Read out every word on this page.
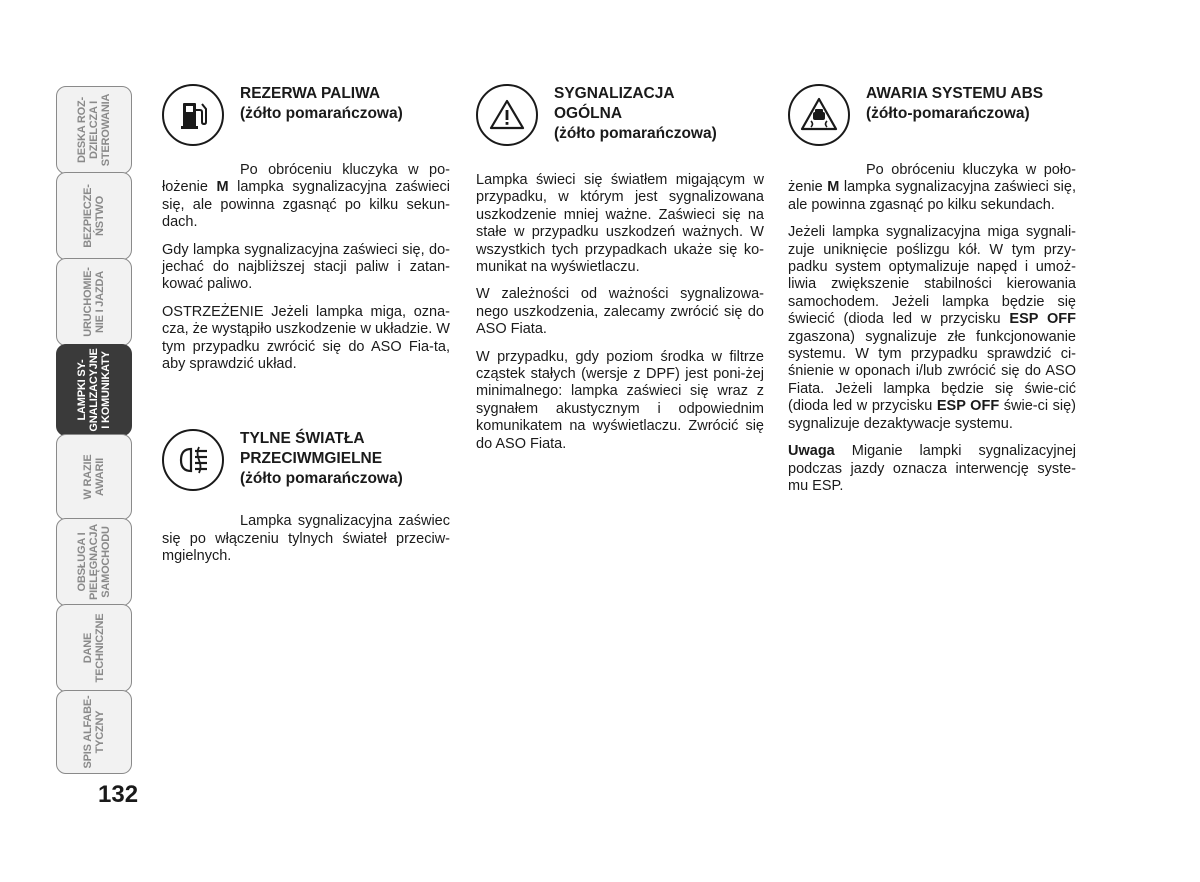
DESKA ROZ-
DZIELCZA I
STEROWANIA
BEZPIECZE-
ŃSTWO
URUCHOMIE-
NIE I JAZDA
LAMPKI SY-
GNALIZACYJNE
I KOMUNIKATY
W RAZIE
AWARII
OBSŁUGA I
PIELĘGNACJA
SAMOCHODU
DANE
TECHNICZNE
SPIS ALFABE-
TYCZNY
132
REZERWA PALIWA
(żółto pomarańczowa)

Po obróceniu kluczyka w po-łożenie M lampka sygnalizacyjna zaświeci się, ale powinna zgasnąć po kilku sekun-dach.

Gdy lampka sygnalizacyjna zaświeci się, do-jechać do najbliższej stacji paliw i zatan-kować paliwo.

OSTRZEŻENIE Jeżeli lampka miga, ozna-cza, że wystąpiło uszkodzenie w układzie. W tym przypadku zwrócić się do ASO Fia-ta, aby sprawdzić układ.

TYLNE ŚWIATŁA
PRZECIWMGIELNE
(żółto pomarańczowa)

Lampka sygnalizacyjna zaświec się po włączeniu tylnych świateł przeciw-mgielnych.

SYGNALIZACJA
OGÓLNA
(żółto pomarańczowa)

Lampka świeci się światłem migającym w przypadku, w którym jest sygnalizowana uszkodzenie mniej ważne. Zaświeci się na stałe w przypadku uszkodzeń ważnych. W wszystkich tych przypadkach ukaże się ko-munikat na wyświetlaczu.

W zależności od ważności sygnalizowa-nego uszkodzenia, zalecamy zwrócić się do ASO Fiata.

W przypadku, gdy poziom środka w filtrze cząstek stałych (wersje z DPF) jest poni-żej minimalnego: lampka zaświeci się wraz z sygnałem akustycznym i odpowiednim komunikatem na wyświetlaczu. Zwrócić się do ASO Fiata.

AWARIA SYSTEMU ABS
(żółto-pomarańczowa)

Po obróceniu kluczyka w poło-żenie M lampka sygnalizacyjna zaświeci się, ale powinna zgasnąć po kilku sekundach.

Jeżeli lampka sygnalizacyjna miga sygnali-zuje uniknięcie poślizgu kół. W tym przy-padku system optymalizuje napęd i umoż-liwia zwiększenie stabilności kierowania samochodem. Jeżeli lampka będzie się świecić (dioda led w przycisku ESP OFF zgaszona) sygnalizuje złe funkcjonowanie systemu. W tym przypadku sprawdzić ci-śnienie w oponach i/lub zwrócić się do ASO Fiata. Jeżeli lampka będzie się świe-cić (dioda led w przycisku ESP OFF świe-ci się) sygnalizuje dezaktywacje systemu.

Uwaga Miganie lampki sygnalizacyjnej podczas jazdy oznacza interwencję syste-mu ESP.
